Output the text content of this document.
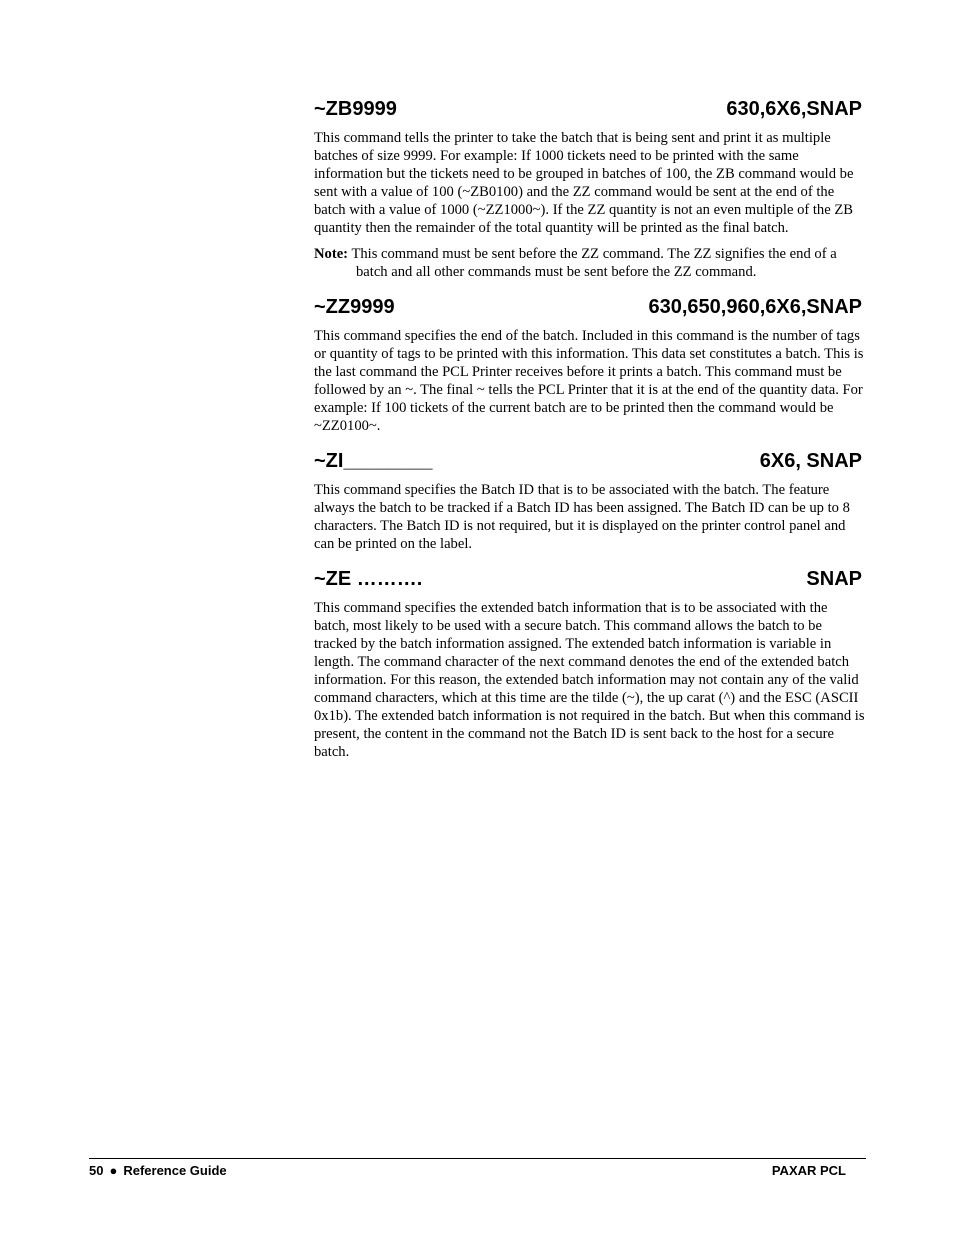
~ZB9999	630,6X6,SNAP

This command tells the printer to take the batch that is being sent and print it as multiple batches of size 9999. For example: If 1000 tickets need to be printed with the same information but the tickets need to be grouped in batches of 100, the ZB command would be sent with a value of 100 (~ZB0100) and the ZZ command would be sent at the end of the batch with a value of 1000 (~ZZ1000~). If the ZZ quantity is not an even multiple of the ZB quantity then the remainder of the total quantity will be printed as the final batch.

Note: This command must be sent before the ZZ command. The ZZ signifies the end of a batch and all other commands must be sent before the ZZ command.

~ZZ9999	630,650,960,6X6,SNAP

This command specifies the end of the batch. Included in this command is the number of tags or quantity of tags to be printed with this information. This data set constitutes a batch. This is the last command the PCL Printer receives before it prints a batch. This command must be followed by an ~. The final ~ tells the PCL Printer that it is at the end of the quantity data. For example: If 100 tickets of the current batch are to be printed then the command would be ~ZZ0100~.

~ZI________	6X6, SNAP

This command specifies the Batch ID that is to be associated with the batch. The feature always the batch to be tracked if a Batch ID has been assigned. The Batch ID can be up to 8 characters. The Batch ID is not required, but it is displayed on the printer control panel and can be printed on the label.

~ZE ……….	SNAP

This command specifies the extended batch information that is to be associated with the batch, most likely to be used with a secure batch. This command allows the batch to be tracked by the batch information assigned. The extended batch information is variable in length. The command character of the next command denotes the end of the extended batch information. For this reason, the extended batch information may not contain any of the valid command characters, which at this time are the tilde (~), the up carat (^) and the ESC (ASCII 0x1b). The extended batch information is not required in the batch. But when this command is present, the content in the command not the Batch ID is sent back to the host for a secure batch.

50 ● Reference Guide	PAXAR PCL
